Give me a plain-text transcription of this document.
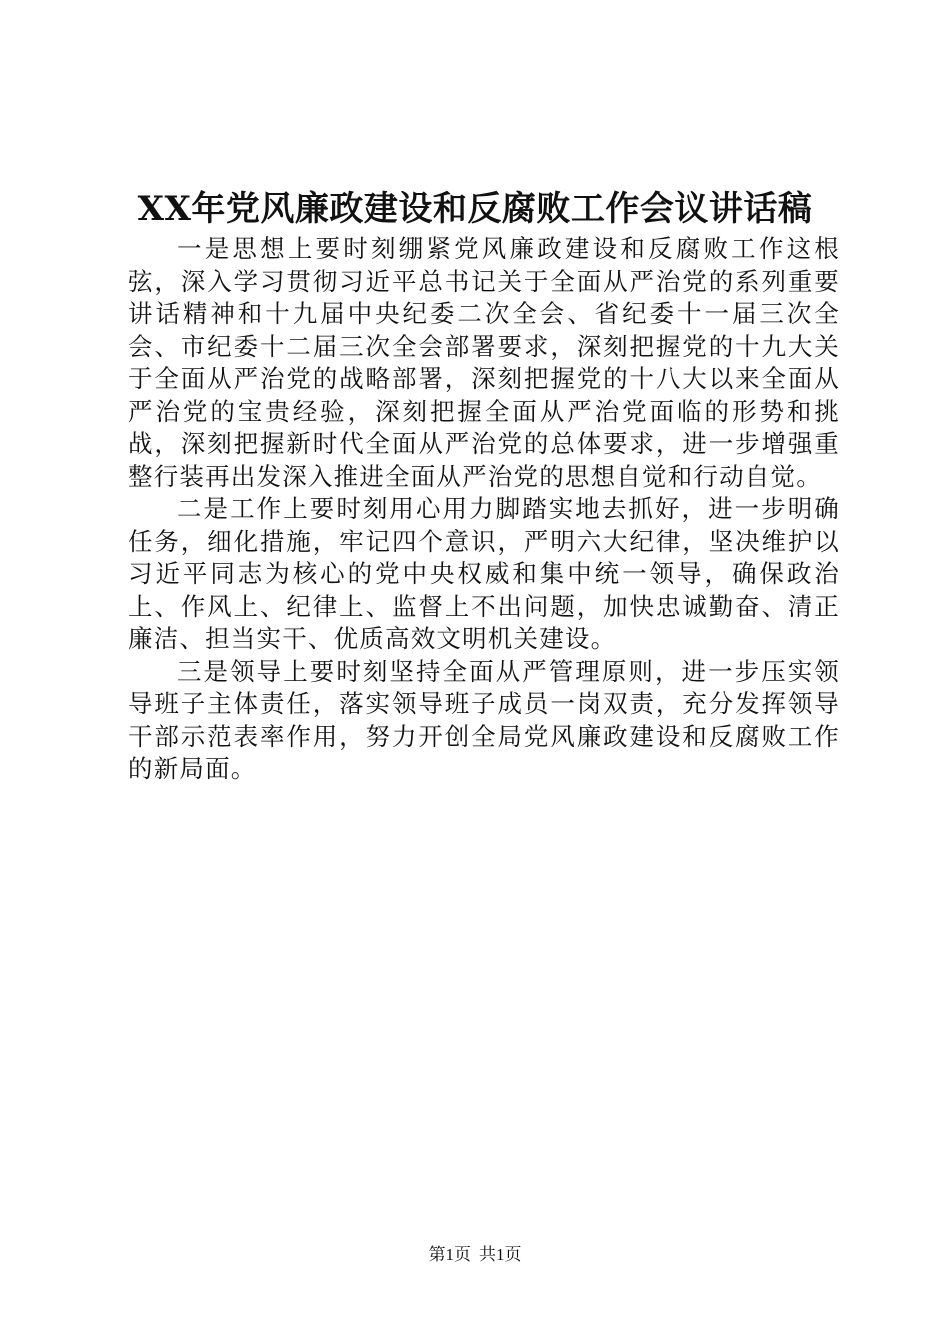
XX年党风廉政建设和反腐败工作会议讲话稿

一是思想上要时刻绷紧党风廉政建设和反腐败工作这根弦，深入学习贯彻习近平总书记关于全面从严治党的系列重要讲话精神和十九届中央纪委二次全会、省纪委十一届三次全会、市纪委十二届三次全会部署要求，深刻把握党的十九大关于全面从严治党的战略部署，深刻把握党的十八大以来全面从严治党的宝贵经验，深刻把握全面从严治党面临的形势和挑战，深刻把握新时代全面从严治党的总体要求，进一步增强重整行装再出发深入推进全面从严治党的思想自觉和行动自觉。

二是工作上要时刻用心用力脚踏实地去抓好，进一步明确任务，细化措施，牢记四个意识，严明六大纪律，坚决维护以习近平同志为核心的党中央权威和集中统一领导，确保政治上、作风上、纪律上、监督上不出问题，加快忠诚勤奋、清正廉洁、担当实干、优质高效文明机关建设。

三是领导上要时刻坚持全面从严管理原则，进一步压实领导班子主体责任，落实领导班子成员一岗双责，充分发挥领导干部示范表率作用，努力开创全局党风廉政建设和反腐败工作的新局面。

第1页 共1页
